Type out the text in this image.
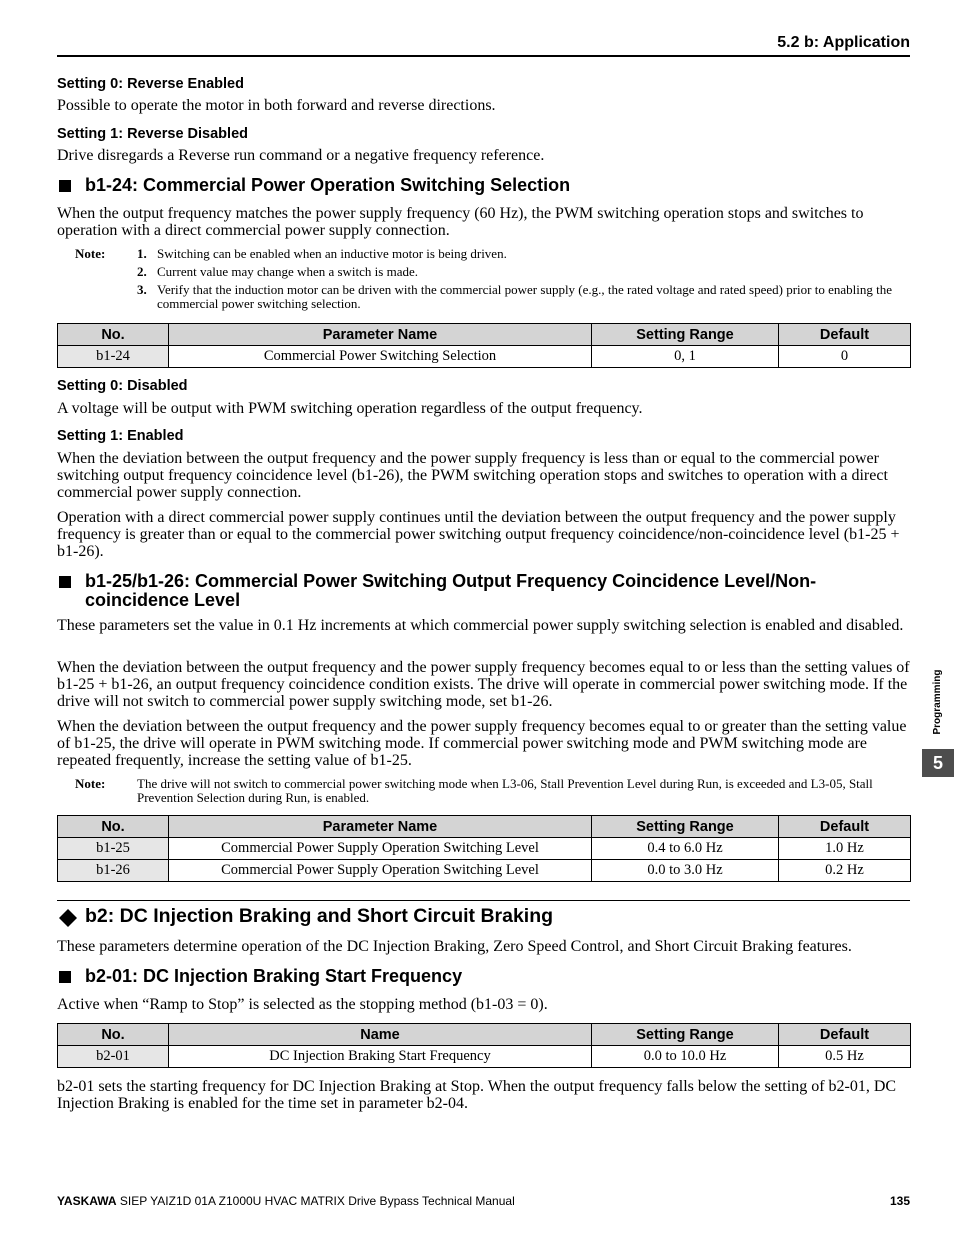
5.2 b: Application
Setting 0: Reverse Enabled
Possible to operate the motor in both forward and reverse directions.
Setting 1: Reverse Disabled
Drive disregards a Reverse run command or a negative frequency reference.
b1-24: Commercial Power Operation Switching Selection
When the output frequency matches the power supply frequency (60 Hz), the PWM switching operation stops and switches to operation with a direct commercial power supply connection.
Note: 1. Switching can be enabled when an inductive motor is being driven.
2. Current value may change when a switch is made.
3. Verify that the induction motor can be driven with the commercial power supply (e.g., the rated voltage and rated speed) prior to enabling the commercial power switching selection.
No.	Parameter Name	Setting Range	Default
b1-24	Commercial Power Switching Selection	0, 1	0
Setting 0: Disabled
A voltage will be output with PWM switching operation regardless of the output frequency.
Setting 1: Enabled
When the deviation between the output frequency and the power supply frequency is less than or equal to the commercial power switching output frequency coincidence level (b1-26), the PWM switching operation stops and switches to operation with a direct commercial power supply connection.
Operation with a direct commercial power supply continues until the deviation between the output frequency and the power supply frequency is greater than or equal to the commercial power switching output frequency coincidence/non-coincidence level (b1-25 + b1-26).
b1-25/b1-26: Commercial Power Switching Output Frequency Coincidence Level/Non-
coincidence Level
These parameters set the value in 0.1 Hz increments at which commercial power supply switching selection is enabled and disabled.
When the deviation between the output frequency and the power supply frequency becomes equal to or less than the setting values of b1-25 + b1-26, an output frequency coincidence condition exists. The drive will operate in commercial power switching mode. If the drive will not switch to commercial power supply switching mode, set b1-26.
When the deviation between the output frequency and the power supply frequency becomes equal to or greater than the setting value of b1-25, the drive will operate in PWM switching mode. If commercial power switching mode and PWM switching mode are repeated frequently, increase the setting value of b1-25.
Note: The drive will not switch to commercial power switching mode when L3-06, Stall Prevention Level during Run, is exceeded and L3-05, Stall Prevention Selection during Run, is enabled.
No.	Parameter Name	Setting Range	Default
b1-25	Commercial Power Supply Operation Switching Level	0.4 to 6.0 Hz	1.0 Hz
b1-26	Commercial Power Supply Operation Switching Level	0.0 to 3.0 Hz	0.2 Hz
b2: DC Injection Braking and Short Circuit Braking
These parameters determine operation of the DC Injection Braking, Zero Speed Control, and Short Circuit Braking features.
b2-01: DC Injection Braking Start Frequency
Active when “Ramp to Stop” is selected as the stopping method (b1-03 = 0).
No.	Name	Setting Range	Default
b2-01	DC Injection Braking Start Frequency	0.0 to 10.0 Hz	0.5 Hz
b2-01 sets the starting frequency for DC Injection Braking at Stop. When the output frequency falls below the setting of b2-01, DC Injection Braking is enabled for the time set in parameter b2-04.
Programming
5
YASKAWA SIEP YAIZ1D 01A Z1000U HVAC MATRIX Drive Bypass Technical Manual	135
